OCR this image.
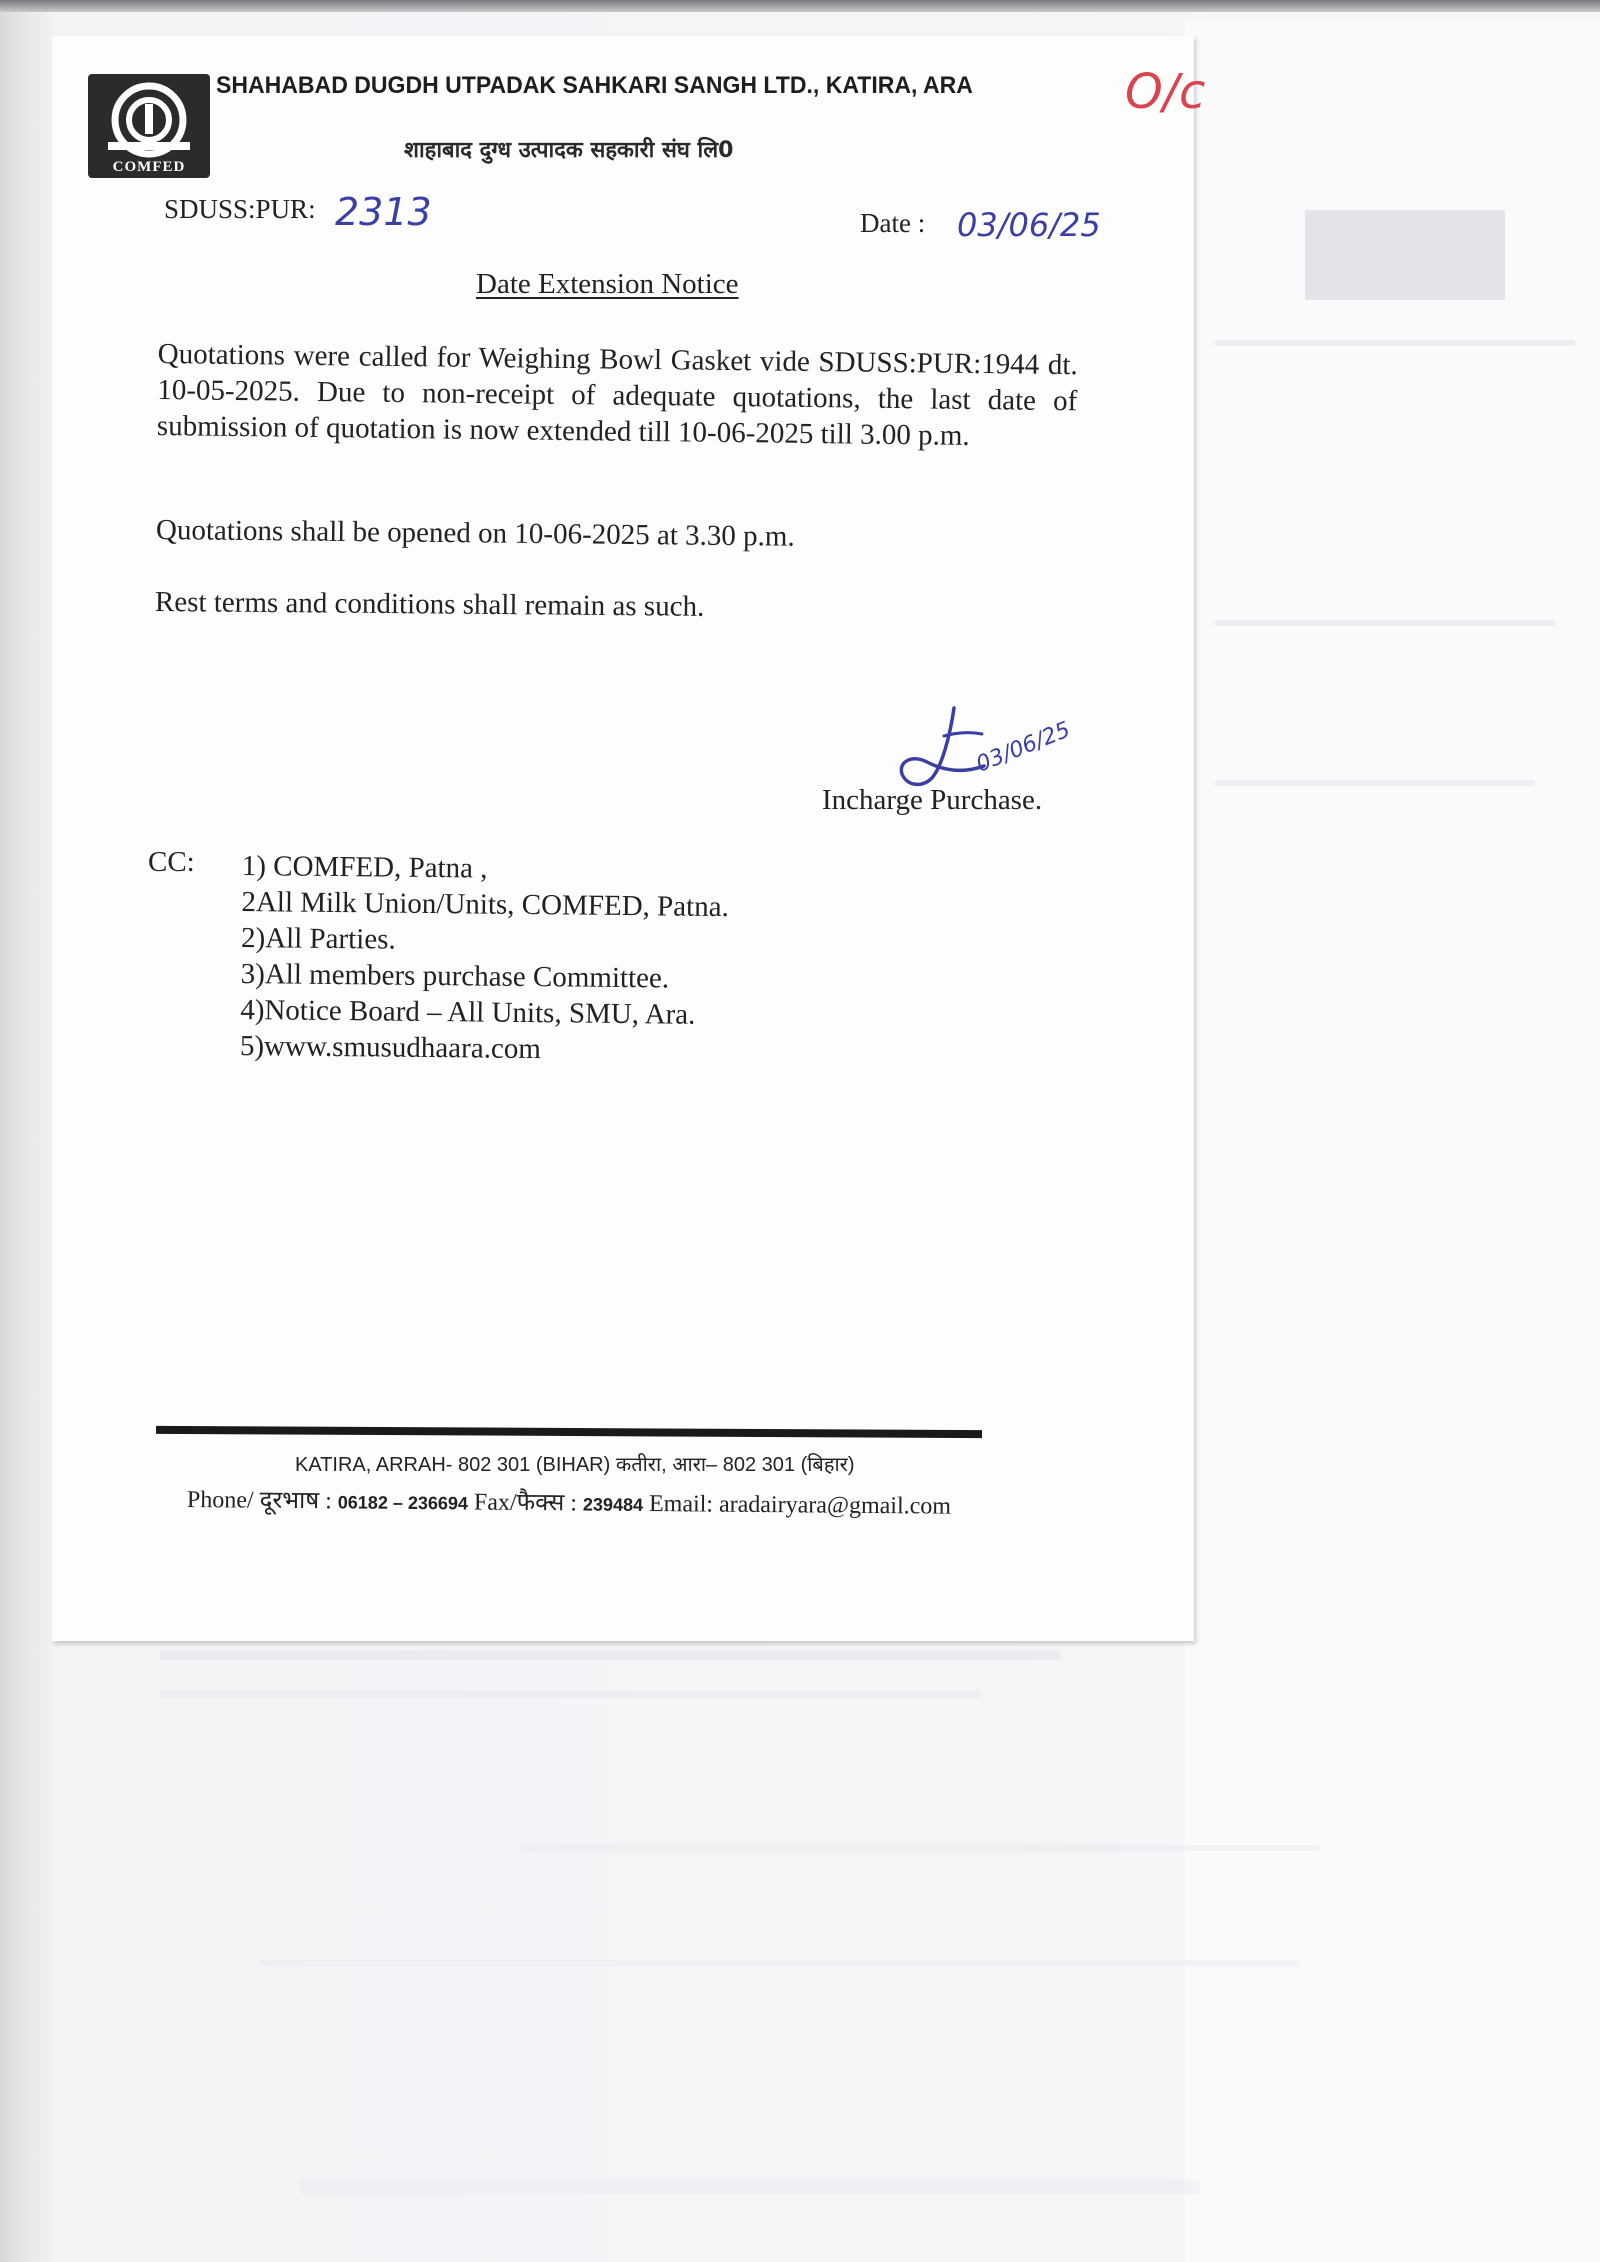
COMFED
SHAHABAD DUGDH UTPADAK SAHKARI SANGH LTD., KATIRA, ARA
शाहाबाद दुग्ध उत्पादक सहकारी संघ लि0
O/c
SDUSS:PUR: 2313	Date : 03/06/25
Date Extension Notice
Quotations were called for Weighing Bowl Gasket vide SDUSS:PUR:1944 dt. 10-05-2025. Due to non-receipt of adequate quotations, the last date of submission of quotation is now extended till 10-06-2025 till 3.00 p.m.
Quotations shall be opened on 10-06-2025 at 3.30 p.m.
Rest terms and conditions shall remain as such.
03/06/25
Incharge Purchase.
CC: 1) COMFED, Patna ,
2All Milk Union/Units, COMFED, Patna.
2)All Parties.
3)All members purchase Committee.
4)Notice Board – All Units, SMU, Ara.
5)www.smusudhaara.com
KATIRA, ARRAH- 802 301 (BIHAR) कतीरा, आरा– 802 301 (बिहार)
Phone/ दूरभाष : 06182 – 236694 Fax/फैक्स : 239484 Email: aradairyara@gmail.com
